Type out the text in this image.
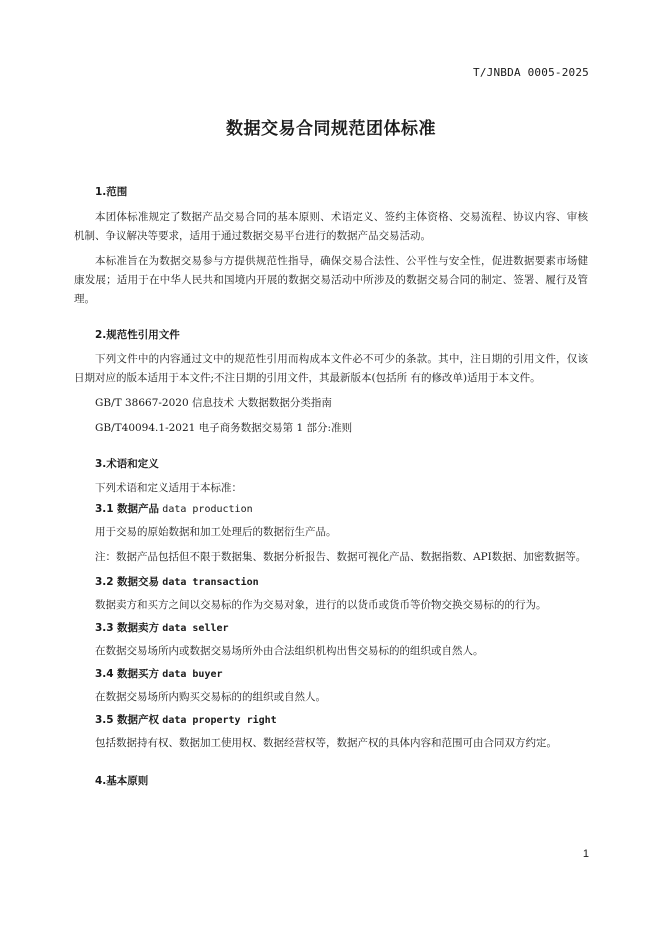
T/JNBDA 0005-2025
数据交易合同规范团体标准
1.范围

本团体标准规定了数据产品交易合同的基本原则、术语定义、签约主体资格、交易流程、协议内容、审核机制、争议解决等要求，适用于通过数据交易平台进行的数据产品交易活动。

本标准旨在为数据交易参与方提供规范性指导，确保交易合法性、公平性与安全性，促进数据要素市场健康发展；适用于在中华人民共和国境内开展的数据交易活动中所涉及的数据交易合同的制定、签署、履行及管理。

2.规范性引用文件

下列文件中的内容通过文中的规范性引用而构成本文件必不可少的条款。其中，注日期的引用文件，仅该日期对应的版本适用于本文件;不注日期的引用文件，其最新版本(包括所 有的修改单)适用于本文件。

GB/T 38667-2020 信息技术 大数据数据分类指南

GB/T40094.1-2021 电子商务数据交易第 1 部分:准则

3.术语和定义

下列术语和定义适用于本标准：

3.1 数据产品 data production

用于交易的原始数据和加工处理后的数据衍生产品。

注：数据产品包括但不限于数据集、数据分析报告、数据可视化产品、数据指数、API数据、加密数据等。

3.2 数据交易 data transaction

数据卖方和买方之间以交易标的作为交易对象，进行的以货币或货币等价物交换交易标的的行为。

3.3 数据卖方 data seller

在数据交易场所内或数据交易场所外由合法组织机构出售交易标的的组织或自然人。

3.4 数据买方 data buyer

在数据交易场所内购买交易标的的组织或自然人。

3.5 数据产权 data property right

包括数据持有权、数据加工使用权、数据经营权等，数据产权的具体内容和范围可由合同双方约定。

4.基本原则
1
